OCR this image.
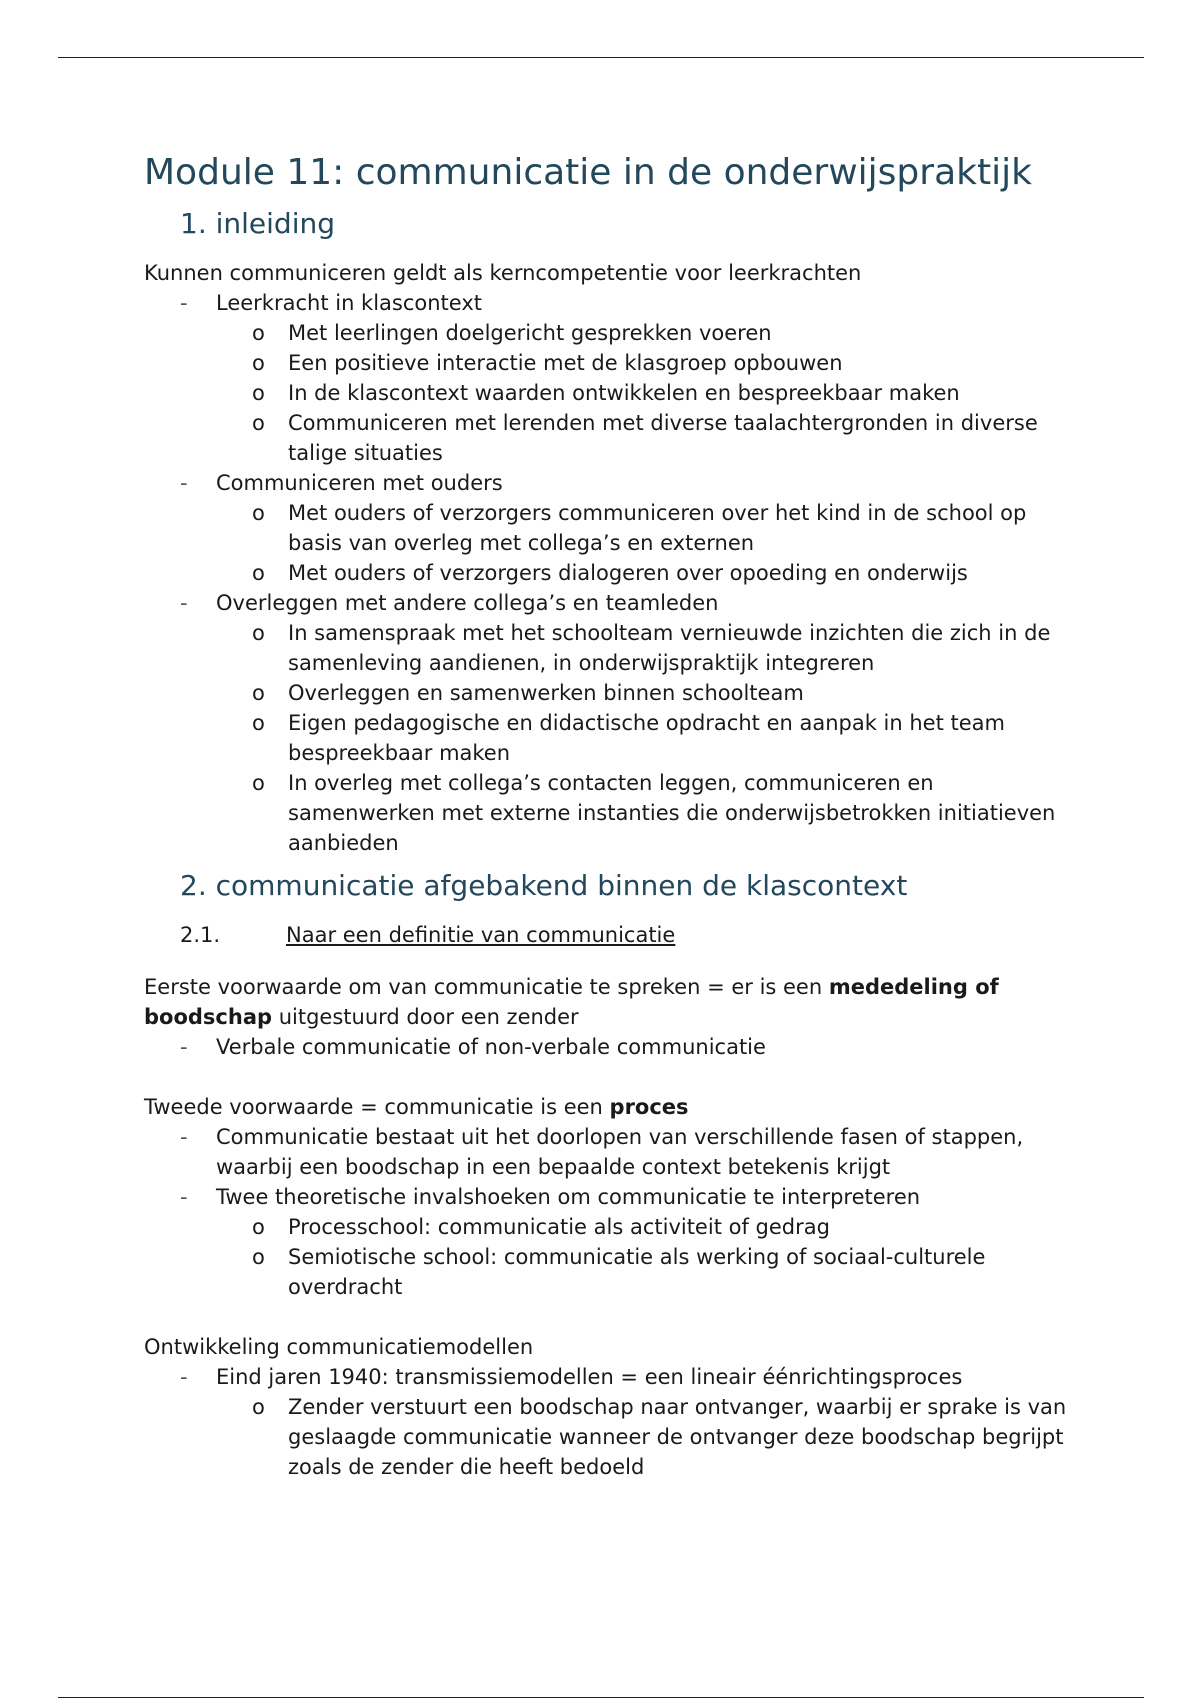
Module 11: communicatie in de onderwijspraktijk
1. inleiding

Kunnen communiceren geldt als kerncompetentie voor leerkrachten

-	Leerkracht in klascontext
o Met leerlingen doelgericht gesprekken voeren
o Een positieve interactie met de klasgroep opbouwen
o In de klascontext waarden ontwikkelen en bespreekbaar maken
o Communiceren met lerenden met diverse taalachtergronden in diverse talige situaties
-	Communiceren met ouders
o Met ouders of verzorgers communiceren over het kind in de school op basis van overleg met collega’s en externen
o Met ouders of verzorgers dialogeren over opoeding en onderwijs
-	Overleggen met andere collega’s en teamleden
o In samenspraak met het schoolteam vernieuwde inzichten die zich in de samenleving aandienen, in onderwijspraktijk integreren
o Overleggen en samenwerken binnen schoolteam
o Eigen pedagogische en didactische opdracht en aanpak in het team bespreekbaar maken
o In overleg met collega’s contacten leggen, communiceren en samenwerken met externe instanties die onderwijsbetrokken initiatieven aanbieden
2. communicatie afgebakend binnen de klascontext
2.1.	Naar een definitie van communicatie

Eerste voorwaarde om van communicatie te spreken = er is een mededeling of boodschap uitgestuurd door een zender

-	Verbale communicatie of non-verbale communicatie

Tweede voorwaarde = communicatie is een proces

-	Communicatie bestaat uit het doorlopen van verschillende fasen of stappen, waarbij een boodschap in een bepaalde context betekenis krijgt
-	Twee theoretische invalshoeken om communicatie te interpreteren
o Processchool: communicatie als activiteit of gedrag
o Semiotische school: communicatie als werking of sociaal-culturele overdracht

Ontwikkeling communicatiemodellen

-	Eind jaren 1940: transmissiemodellen = een lineair éénrichtingsproces
o Zender verstuurt een boodschap naar ontvanger, waarbij er sprake is van geslaagde communicatie wanneer de ontvanger deze boodschap begrijpt zoals de zender die heeft bedoeld
